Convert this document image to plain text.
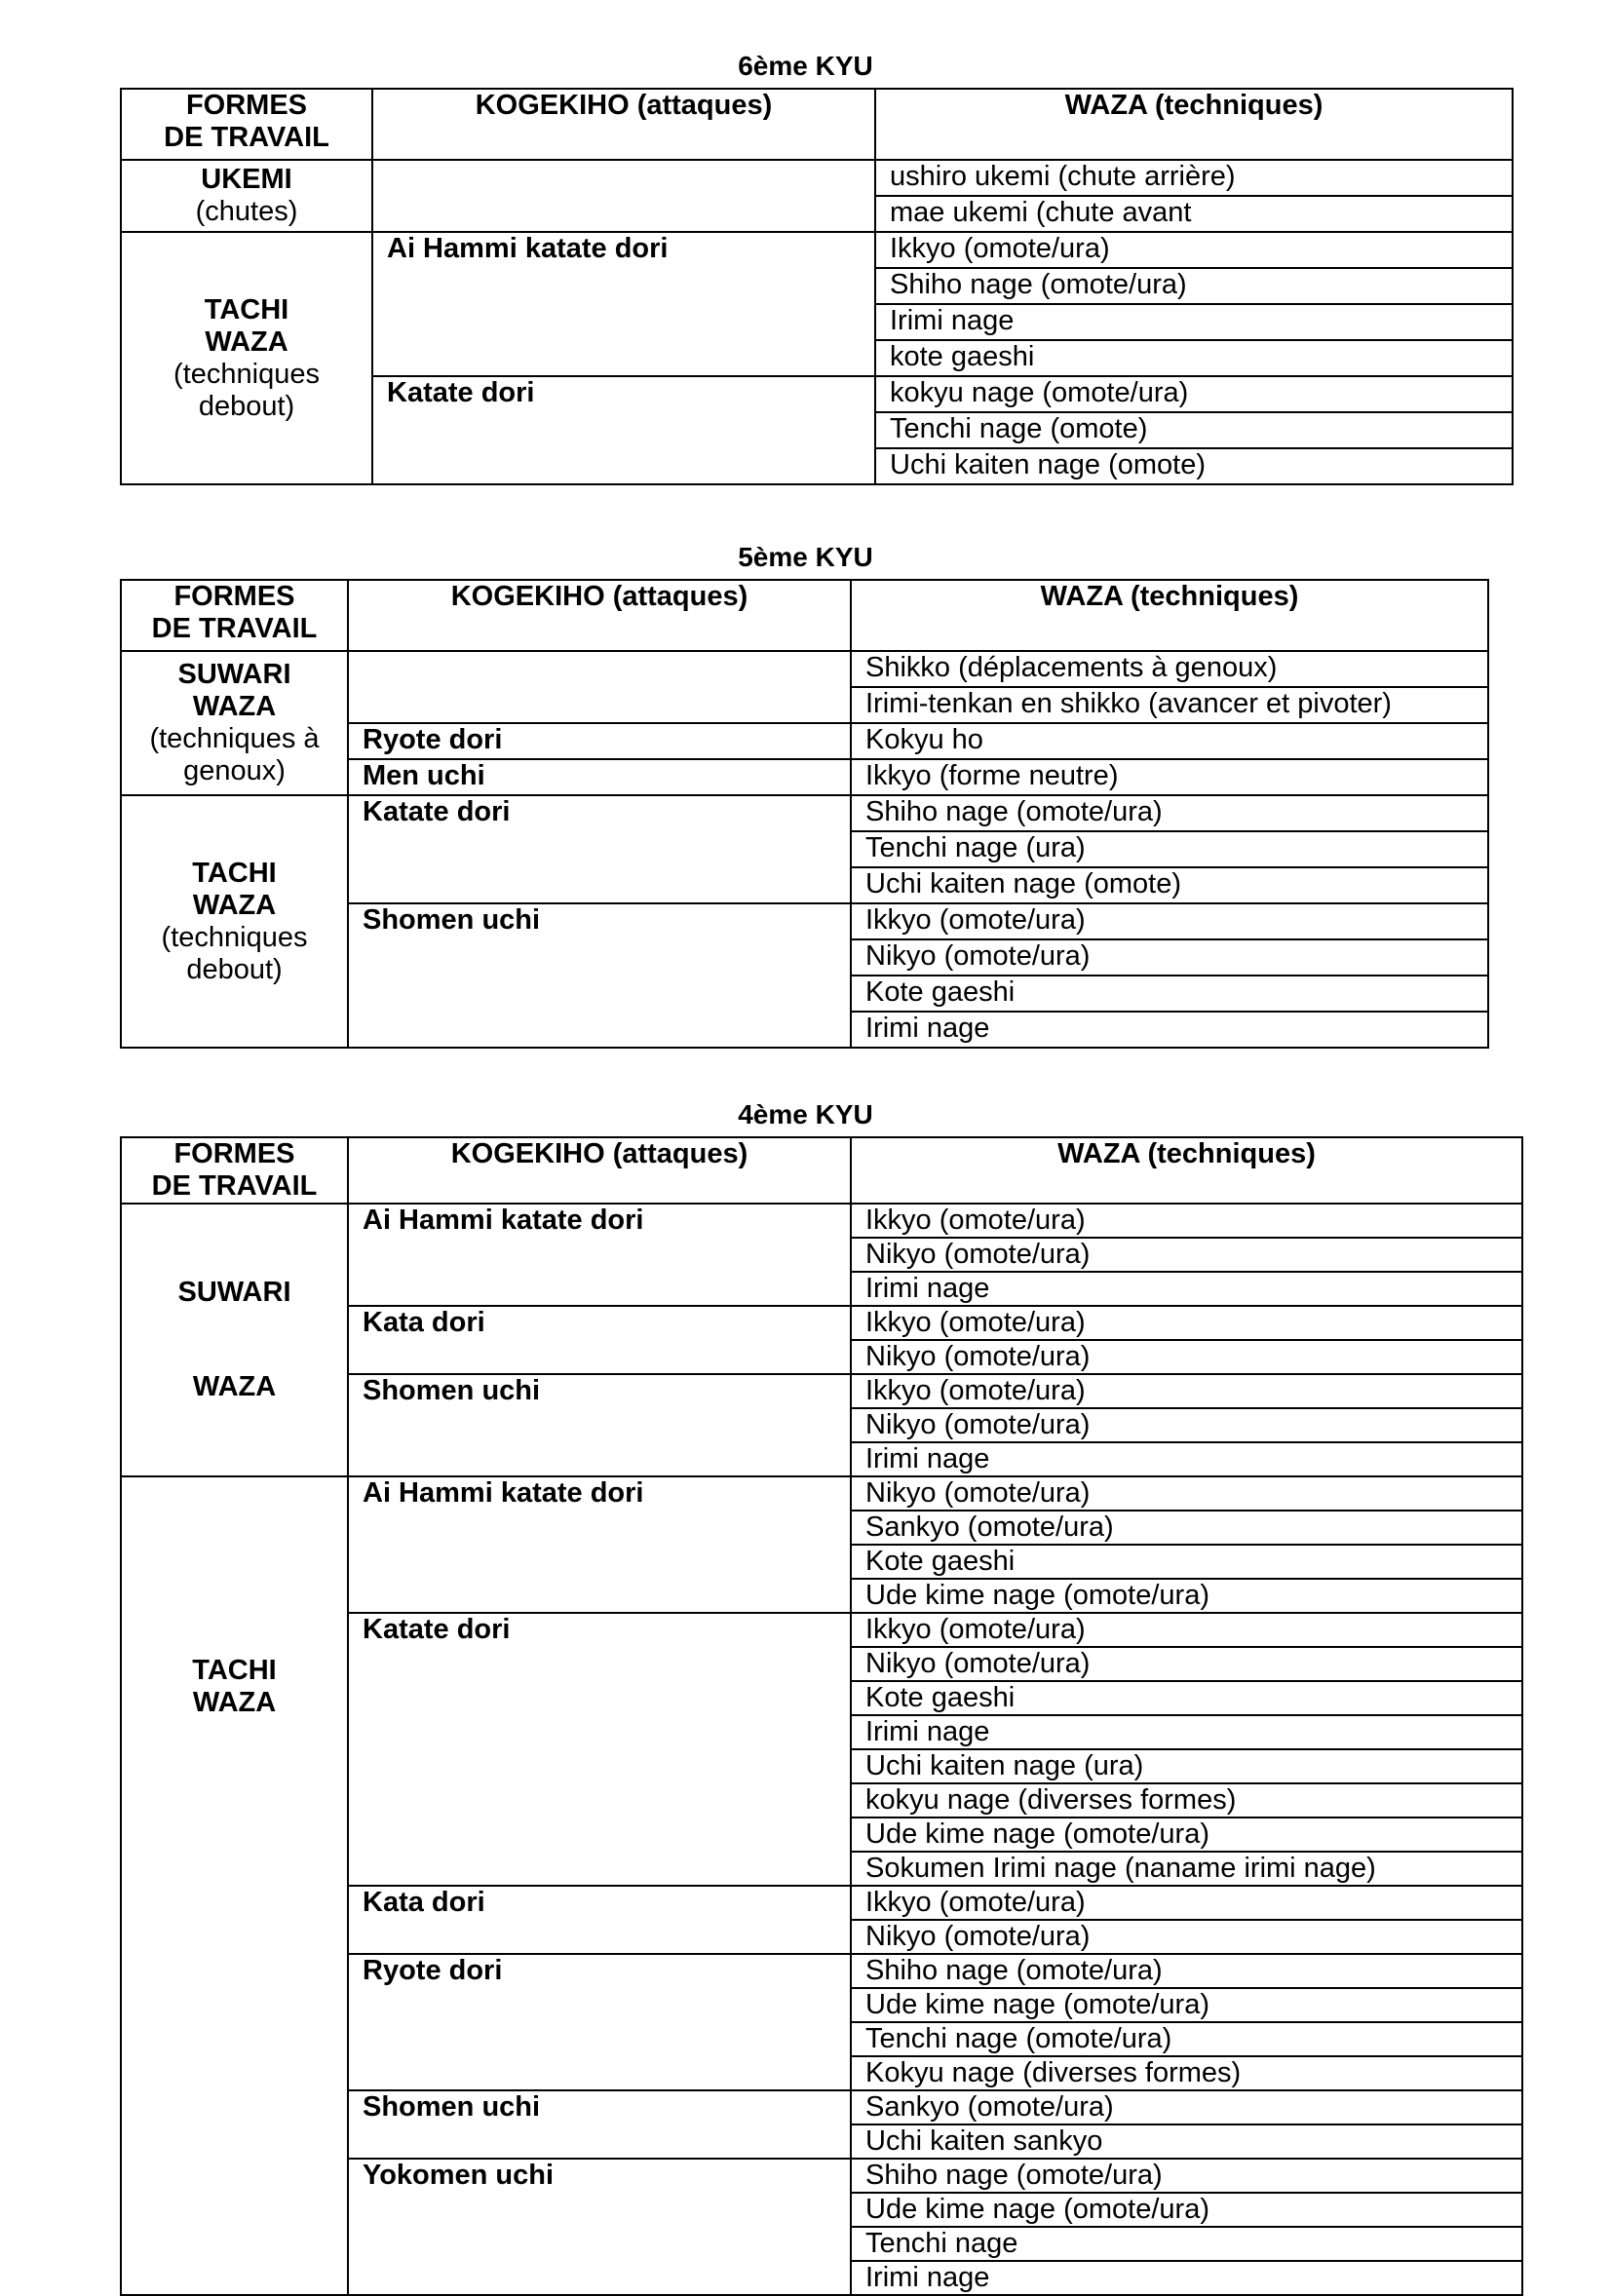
6ème KYU
FORMES
DE TRAVAIL	KOGEKIHO (attaques)	WAZA (techniques)

UKEMI
(chutes)		ushiro ukemi (chute arrière)
		mae ukemi (chute avant

TACHI
WAZA
(techniques
debout)	Ai Hammi katate dori	Ikkyo (omote/ura)
		Shiho nage (omote/ura)
		Irimi nage
		kote gaeshi
	Katate dori	kokyu nage (omote/ura)
		Tenchi nage (omote)
		Uchi kaiten nage (omote)
5ème KYU
FORMES
DE TRAVAIL	KOGEKIHO (attaques)	WAZA (techniques)

SUWARI
WAZA
(techniques à
genoux)		Shikko (déplacements à genoux)
		Irimi-tenkan en shikko (avancer et pivoter)
	Ryote dori	Kokyu ho
	Men uchi	Ikkyo (forme neutre)

TACHI
WAZA
(techniques
debout)	Katate dori	Shiho nage (omote/ura)
		Tenchi nage (ura)
		Uchi kaiten nage (omote)
	Shomen uchi	Ikkyo (omote/ura)
		Nikyo (omote/ura)
		Kote gaeshi
		Irimi nage
4ème KYU
FORMES
DE TRAVAIL	KOGEKIHO (attaques)	WAZA (techniques)

SUWARI
WAZA	Ai Hammi katate dori	Ikkyo (omote/ura)
		Nikyo (omote/ura)
		Irimi nage
	Kata dori	Ikkyo (omote/ura)
		Nikyo (omote/ura)
	Shomen uchi	Ikkyo (omote/ura)
		Nikyo (omote/ura)
		Irimi nage

TACHI
WAZA	Ai Hammi katate dori	Nikyo (omote/ura)
		Sankyo (omote/ura)
		Kote gaeshi
		Ude kime nage (omote/ura)
	Katate dori	Ikkyo (omote/ura)
		Nikyo (omote/ura)
		Kote gaeshi
		Irimi nage
		Uchi kaiten nage (ura)
		kokyu nage (diverses formes)
		Ude kime nage (omote/ura)
		Sokumen Irimi nage (naname irimi nage)
	Kata dori	Ikkyo (omote/ura)
		Nikyo (omote/ura)
	Ryote dori	Shiho nage (omote/ura)
		Ude kime nage (omote/ura)
		Tenchi nage (omote/ura)
		Kokyu nage (diverses formes)
	Shomen uchi	Sankyo (omote/ura)
		Uchi kaiten sankyo
	Yokomen uchi	Shiho nage (omote/ura)
		Ude kime nage (omote/ura)
		Tenchi nage
		Irimi nage
